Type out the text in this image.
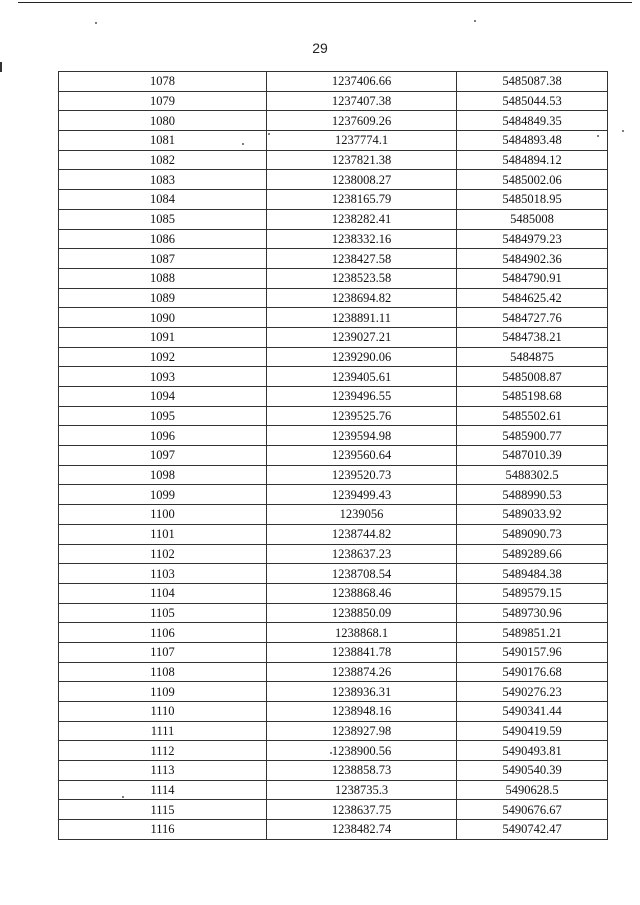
29
1078	1237406.66	5485087.38
1079	1237407.38	5485044.53
1080	1237609.26	5484849.35
1081	1237774.1	5484893.48
1082	1237821.38	5484894.12
1083	1238008.27	5485002.06
1084	1238165.79	5485018.95
1085	1238282.41	5485008
1086	1238332.16	5484979.23
1087	1238427.58	5484902.36
1088	1238523.58	5484790.91
1089	1238694.82	5484625.42
1090	1238891.11	5484727.76
1091	1239027.21	5484738.21
1092	1239290.06	5484875
1093	1239405.61	5485008.87
1094	1239496.55	5485198.68
1095	1239525.76	5485502.61
1096	1239594.98	5485900.77
1097	1239560.64	5487010.39
1098	1239520.73	5488302.5
1099	1239499.43	5488990.53
1100	1239056	5489033.92
1101	1238744.82	5489090.73
1102	1238637.23	5489289.66
1103	1238708.54	5489484.38
1104	1238868.46	5489579.15
1105	1238850.09	5489730.96
1106	1238868.1	5489851.21
1107	1238841.78	5490157.96
1108	1238874.26	5490176.68
1109	1238936.31	5490276.23
1110	1238948.16	5490341.44
1111	1238927.98	5490419.59
1112	1238900.56	5490493.81
1113	1238858.73	5490540.39
1114	1238735.3	5490628.5
1115	1238637.75	5490676.67
1116	1238482.74	5490742.47
